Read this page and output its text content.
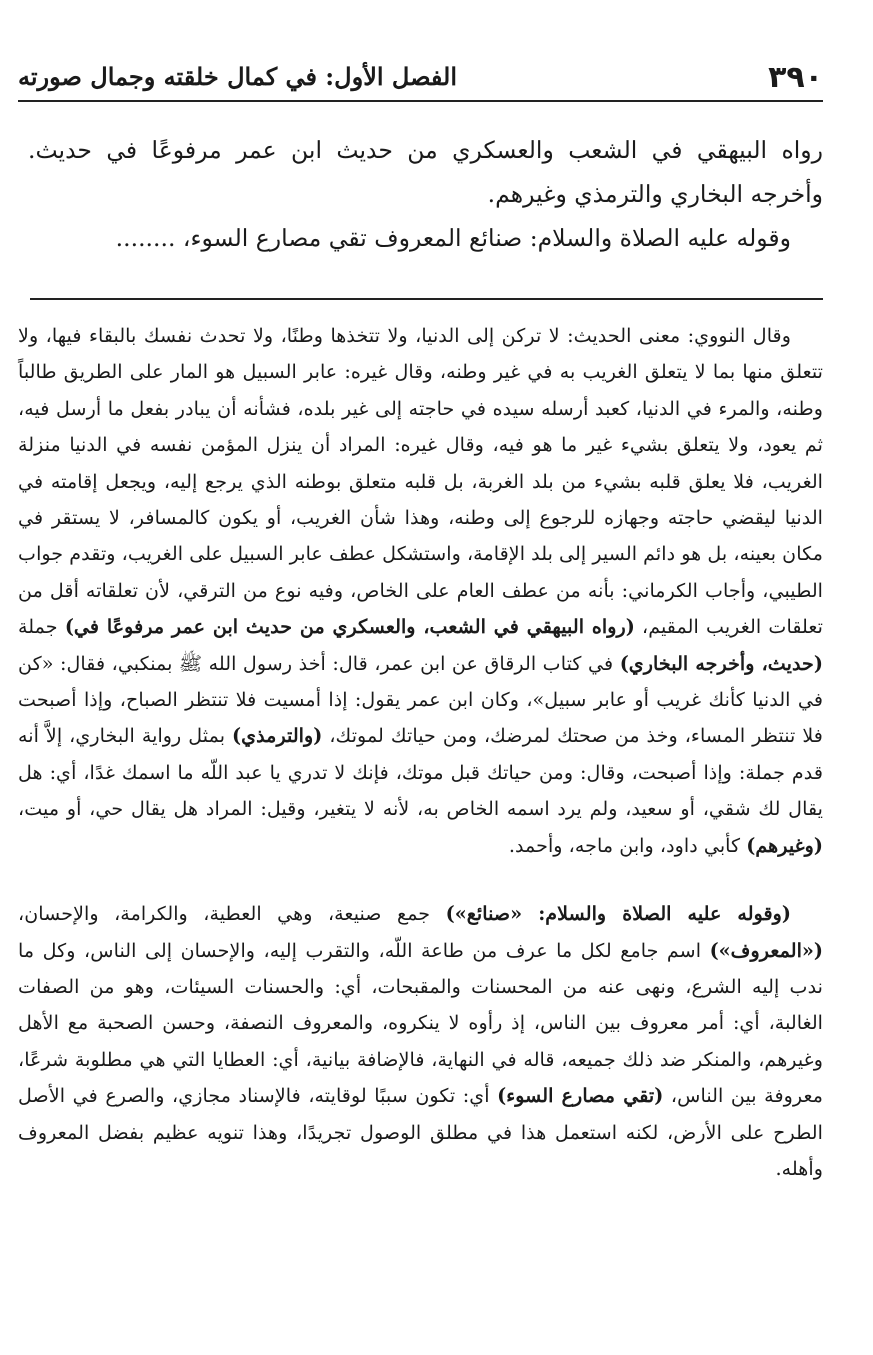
٣٩٠
الفصل الأول: في كمال خلقته وجمال صورته

رواه البيهقي في الشعب والعسكري من حديث ابن عمر مرفوعًا في حديث. وأخرجه البخاري والترمذي وغيرهم.

وقوله عليه الصلاة والسلام: صنائع المعروف تقي مصارع السوء، ........

وقال النووي: معنى الحديث: لا تركن إلى الدنيا، ولا تتخذها وطنًا، ولا تحدث نفسك بالبقاء فيها، ولا تتعلق منها بما لا يتعلق الغريب به في غير وطنه، وقال غيره: عابر السبيل هو المار على الطريق طالباً وطنه، والمرء في الدنيا، كعبد أرسله سيده في حاجته إلى غير بلده، فشأنه أن يبادر بفعل ما أرسل فيه، ثم يعود، ولا يتعلق بشيء غير ما هو فيه، وقال غيره: المراد أن ينزل المؤمن نفسه في الدنيا منزلة الغريب، فلا يعلق قلبه بشيء من بلد الغربة، بل قلبه متعلق بوطنه الذي يرجع إليه، ويجعل إقامته في الدنيا ليقضي حاجته وجهازه للرجوع إلى وطنه، وهذا شأن الغريب، أو يكون كالمسافر، لا يستقر في مكان بعينه، بل هو دائم السير إلى بلد الإقامة، واستشكل عطف عابر السبيل على الغريب، وتقدم جواب الطيبي، وأجاب الكرماني: بأنه من عطف العام على الخاص، وفيه نوع من الترقي، لأن تعلقاته أقل من تعلقات الغريب المقيم، (رواه البيهقي في الشعب، والعسكري من حديث ابن عمر مرفوعًا في) جملة (حديث، وأخرجه البخاري) في كتاب الرقاق عن ابن عمر، قال: أخذ رسول الله ﷺ بمنكبي، فقال: «كن في الدنيا كأنك غريب أو عابر سبيل»، وكان ابن عمر يقول: إذا أمسيت فلا تنتظر الصباح، وإذا أصبحت فلا تنتظر المساء، وخذ من صحتك لمرضك، ومن حياتك لموتك، (والترمذي) بمثل رواية البخاري، إلاَّ أنه قدم جملة: وإذا أصبحت، وقال: ومن حياتك قبل موتك، فإنك لا تدري يا عبد اللّه ما اسمك غدًا، أي: هل يقال لك شقي، أو سعيد، ولم يرد اسمه الخاص به، لأنه لا يتغير، وقيل: المراد هل يقال حي، أو ميت، (وغيرهم) كأبي داود، وابن ماجه، وأحمد.

(وقوله عليه الصلاة والسلام: «صنائع») جمع صنيعة، وهي العطية، والكرامة، والإحسان، («المعروف») اسم جامع لكل ما عرف من طاعة اللّه، والتقرب إليه، والإحسان إلى الناس، وكل ما ندب إليه الشرع، ونهى عنه من المحسنات والمقبحات، أي: والحسنات السيئات، وهو من الصفات الغالبة، أي: أمر معروف بين الناس، إذ رأوه لا ينكروه، والمعروف النصفة، وحسن الصحبة مع الأهل وغيرهم، والمنكر ضد ذلك جميعه، قاله في النهاية، فالإضافة بيانية، أي: العطايا التي هي مطلوبة شرعًا، معروفة بين الناس، (تقي مصارع السوء) أي: تكون سببًا لوقايته، فالإسناد مجازي، والصرع في الأصل الطرح على الأرض، لكنه استعمل هذا في مطلق الوصول تجريدًا، وهذا تنويه عظيم بفضل المعروف وأهله.
